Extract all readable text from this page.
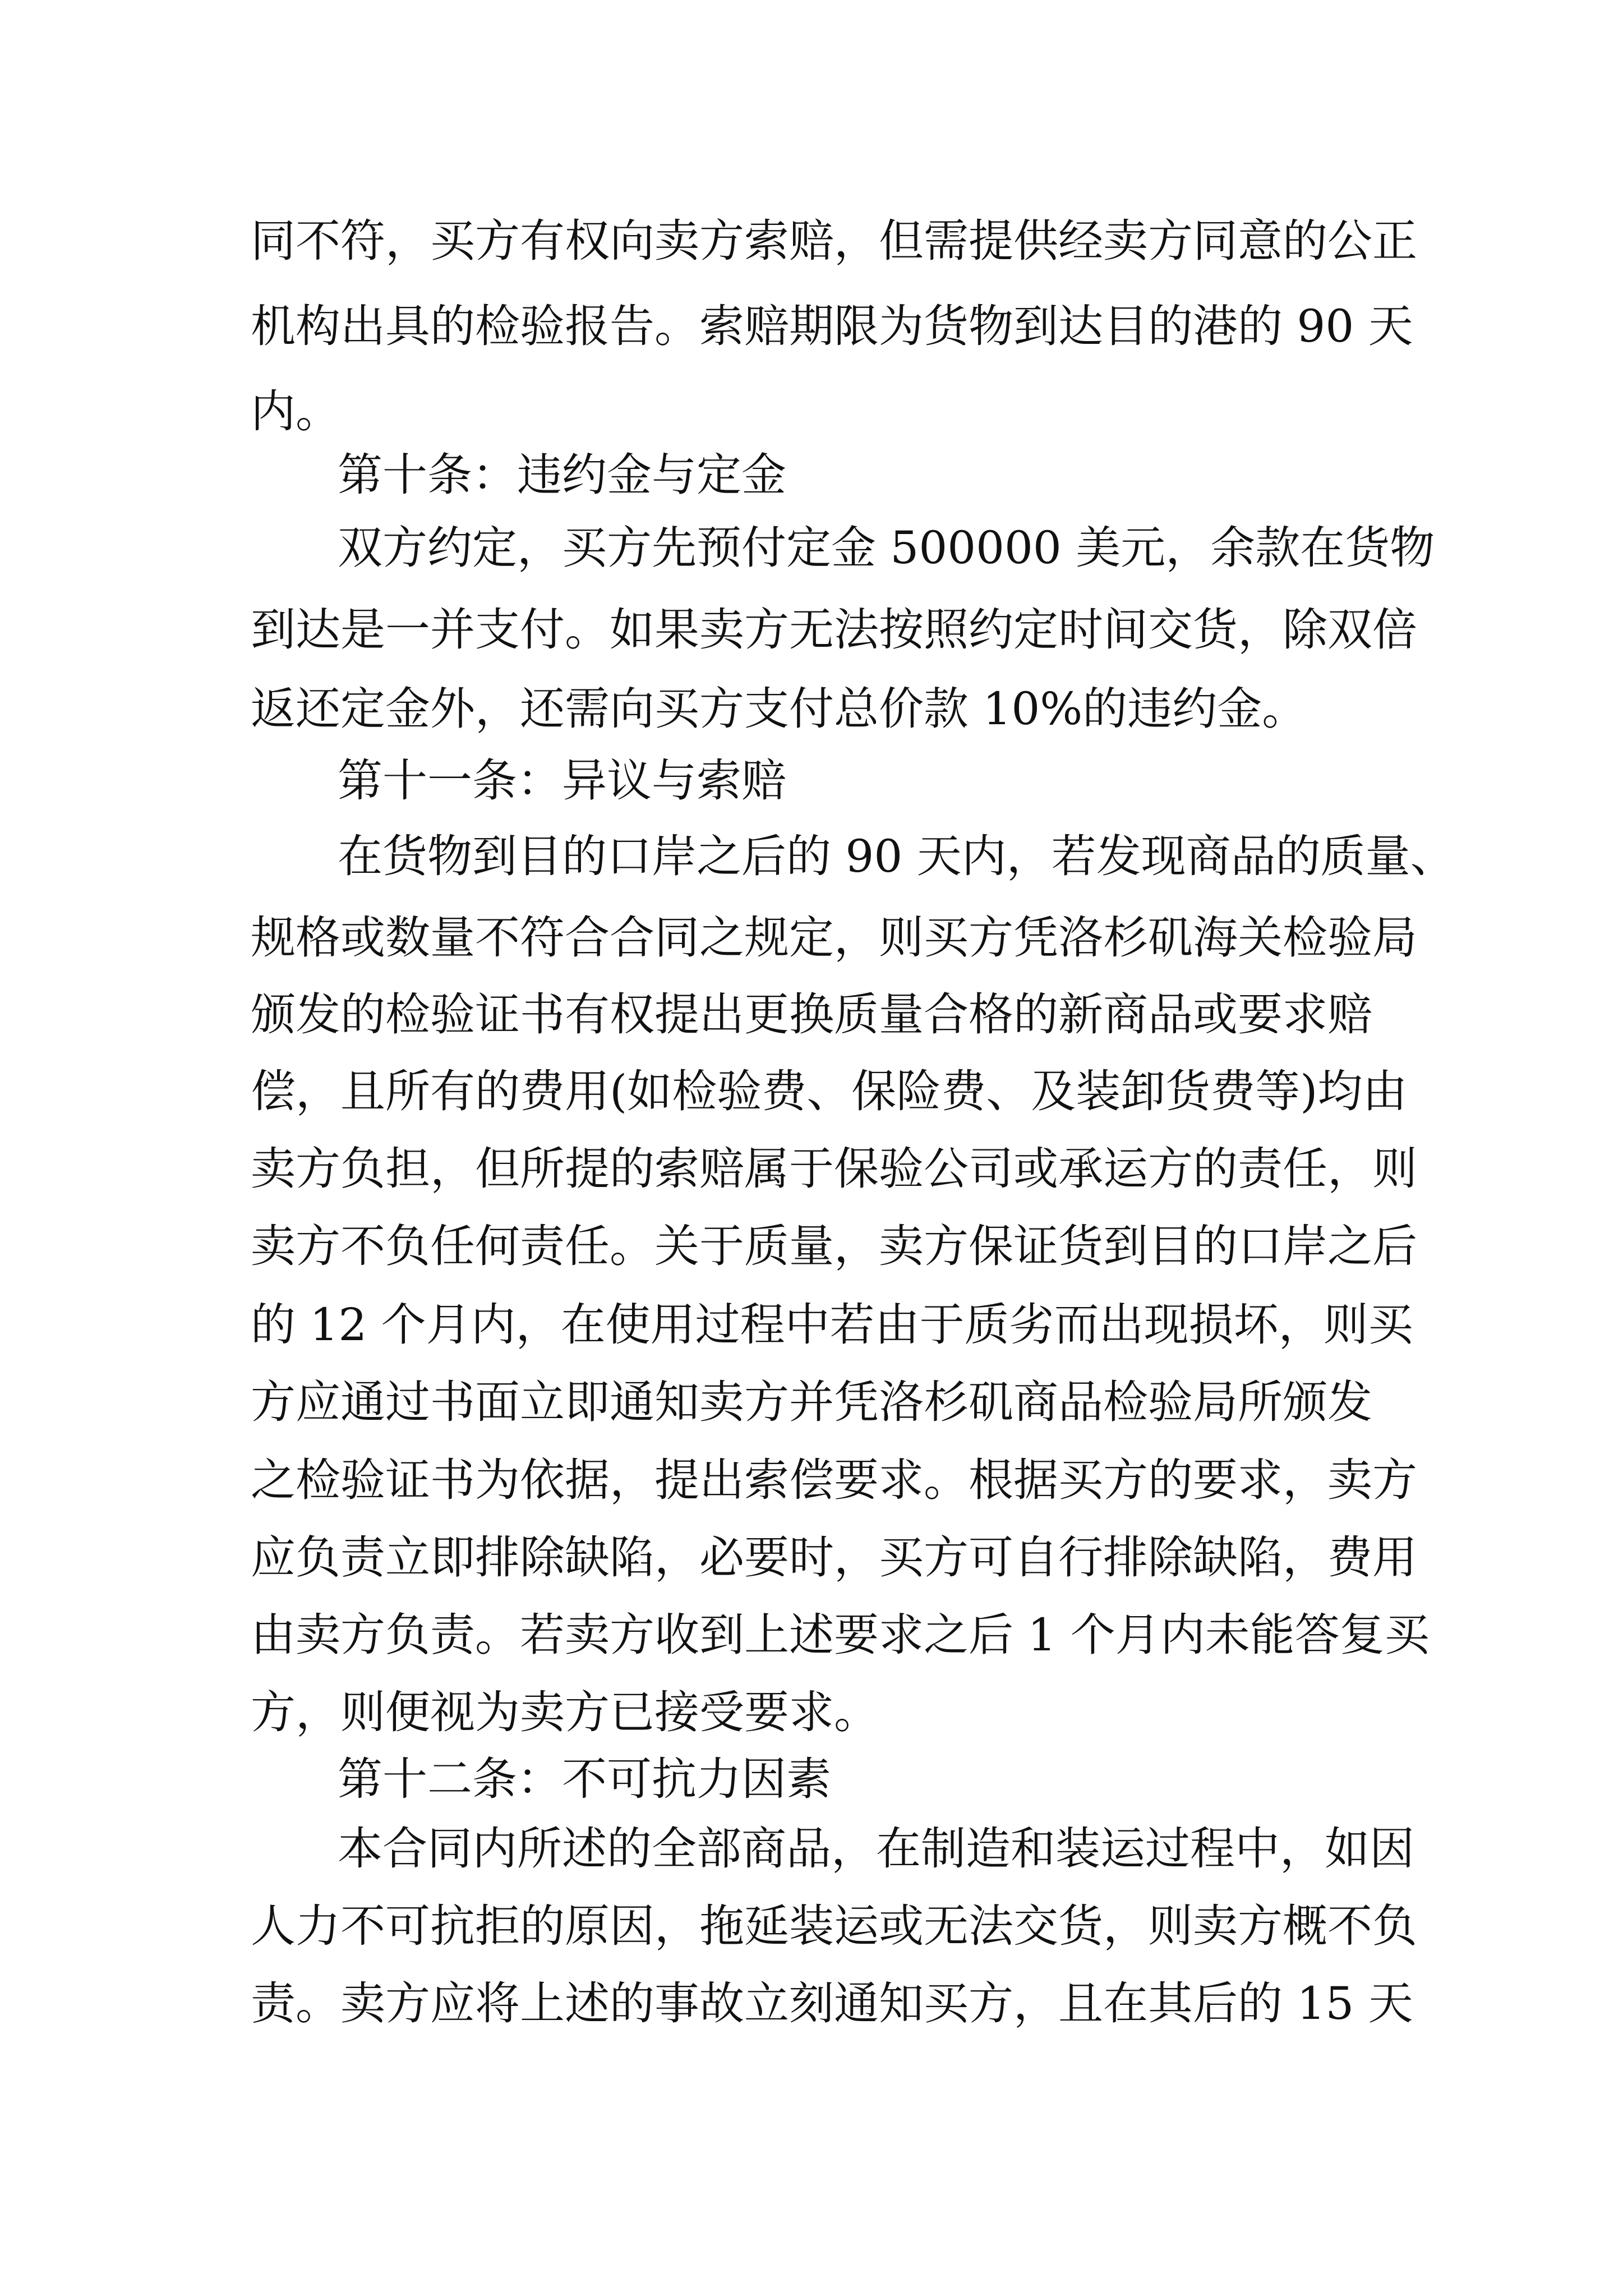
同不符，买方有权向卖方索赔，但需提供经卖方同意的公正
机构出具的检验报告。索赔期限为货物到达目的港的 90 天
内。
第十条：违约金与定金
双方约定，买方先预付定金 500000 美元，余款在货物
到达是一并支付。如果卖方无法按照约定时间交货，除双倍
返还定金外，还需向买方支付总价款 10%的违约金。
第十一条：异议与索赔
在货物到目的口岸之后的 90 天内，若发现商品的质量、
规格或数量不符合合同之规定，则买方凭洛杉矶海关检验局
颁发的检验证书有权提出更换质量合格的新商品或要求赔
偿，且所有的费用(如检验费、保险费、及装卸货费等)均由
卖方负担，但所提的索赔属于保验公司或承运方的责任，则
卖方不负任何责任。关于质量，卖方保证货到目的口岸之后
的 12 个月内，在使用过程中若由于质劣而出现损坏，则买
方应通过书面立即通知卖方并凭洛杉矶商品检验局所颁发
之检验证书为依据，提出索偿要求。根据买方的要求，卖方
应负责立即排除缺陷，必要时，买方可自行排除缺陷，费用
由卖方负责。若卖方收到上述要求之后 1 个月内未能答复买
方，则便视为卖方已接受要求。
第十二条：不可抗力因素
本合同内所述的全部商品，在制造和装运过程中，如因
人力不可抗拒的原因，拖延装运或无法交货，则卖方概不负
责。卖方应将上述的事故立刻通知买方，且在其后的 15 天
